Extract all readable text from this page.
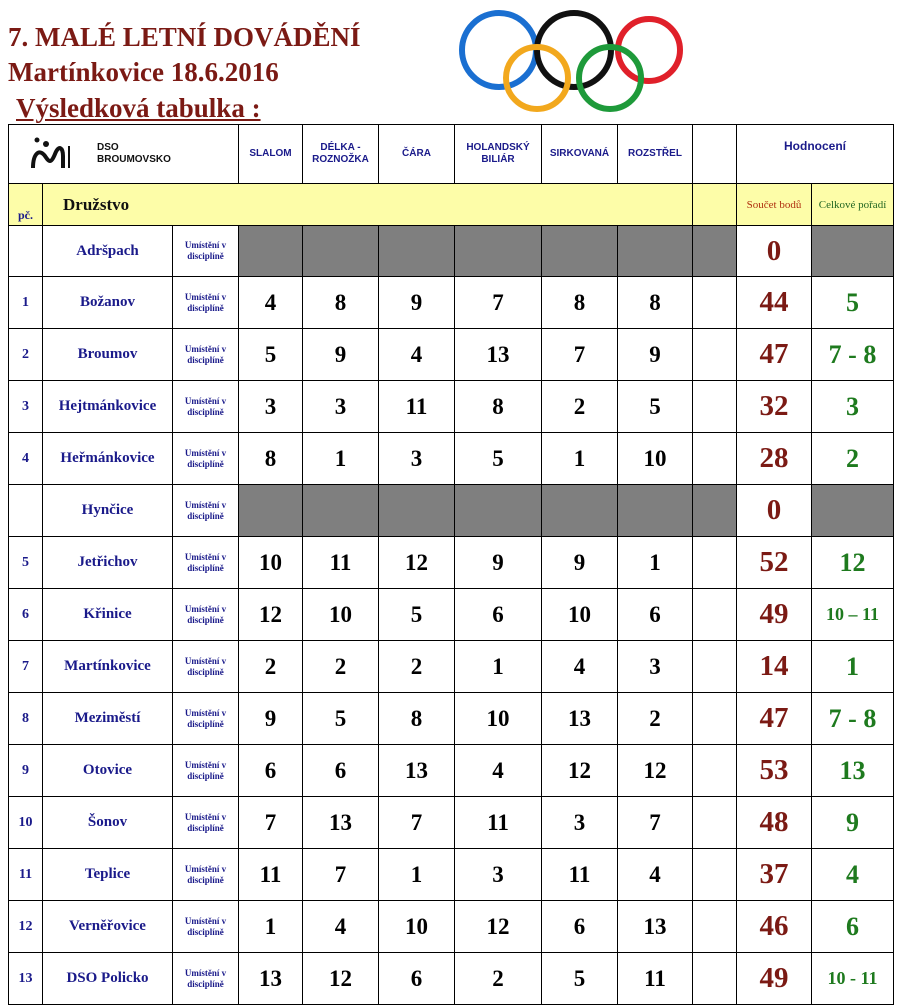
7. MALÉ LETNÍ DOVÁDĚNÍ
Martínkovice 18.6.2016
Výsledková tabulka :
DSO
BROUMOVSKO			SLALOM	DÉLKA - ROZNOŽKA	ČÁRA	HOLANDSKÝ BILIÁR	SIRKOVANÁ	ROZSTŘEL		Hodnocení	
pč.	Družstvo									Součet bodů	Celkové pořadí
	Adršpach	Umístění v disciplíně								0	
1	Božanov	Umístění v disciplíně	4	8	9	7	8	8		44	5
2	Broumov	Umístění v disciplíně	5	9	4	13	7	9		47	7 - 8
3	Hejtmánkovice	Umístění v disciplíně	3	3	11	8	2	5		32	3
4	Heřmánkovice	Umístění v disciplíně	8	1	3	5	1	10		28	2
	Hynčice	Umístění v disciplíně								0	
5	Jetřichov	Umístění v disciplíně	10	11	12	9	9	1		52	12
6	Křinice	Umístění v disciplíně	12	10	5	6	10	6		49	10 – 11
7	Martínkovice	Umístění v disciplíně	2	2	2	1	4	3		14	1
8	Meziměstí	Umístění v disciplíně	9	5	8	10	13	2		47	7 - 8
9	Otovice	Umístění v disciplíně	6	6	13	4	12	12		53	13
10	Šonov	Umístění v disciplíně	7	13	7	11	3	7		48	9
11	Teplice	Umístění v disciplíně	11	7	1	3	11	4		37	4
12	Verněřovice	Umístění v disciplíně	1	4	10	12	6	13		46	6
13	DSO Policko	Umístění v disciplíně	13	12	6	2	5	11		49	10 - 11
